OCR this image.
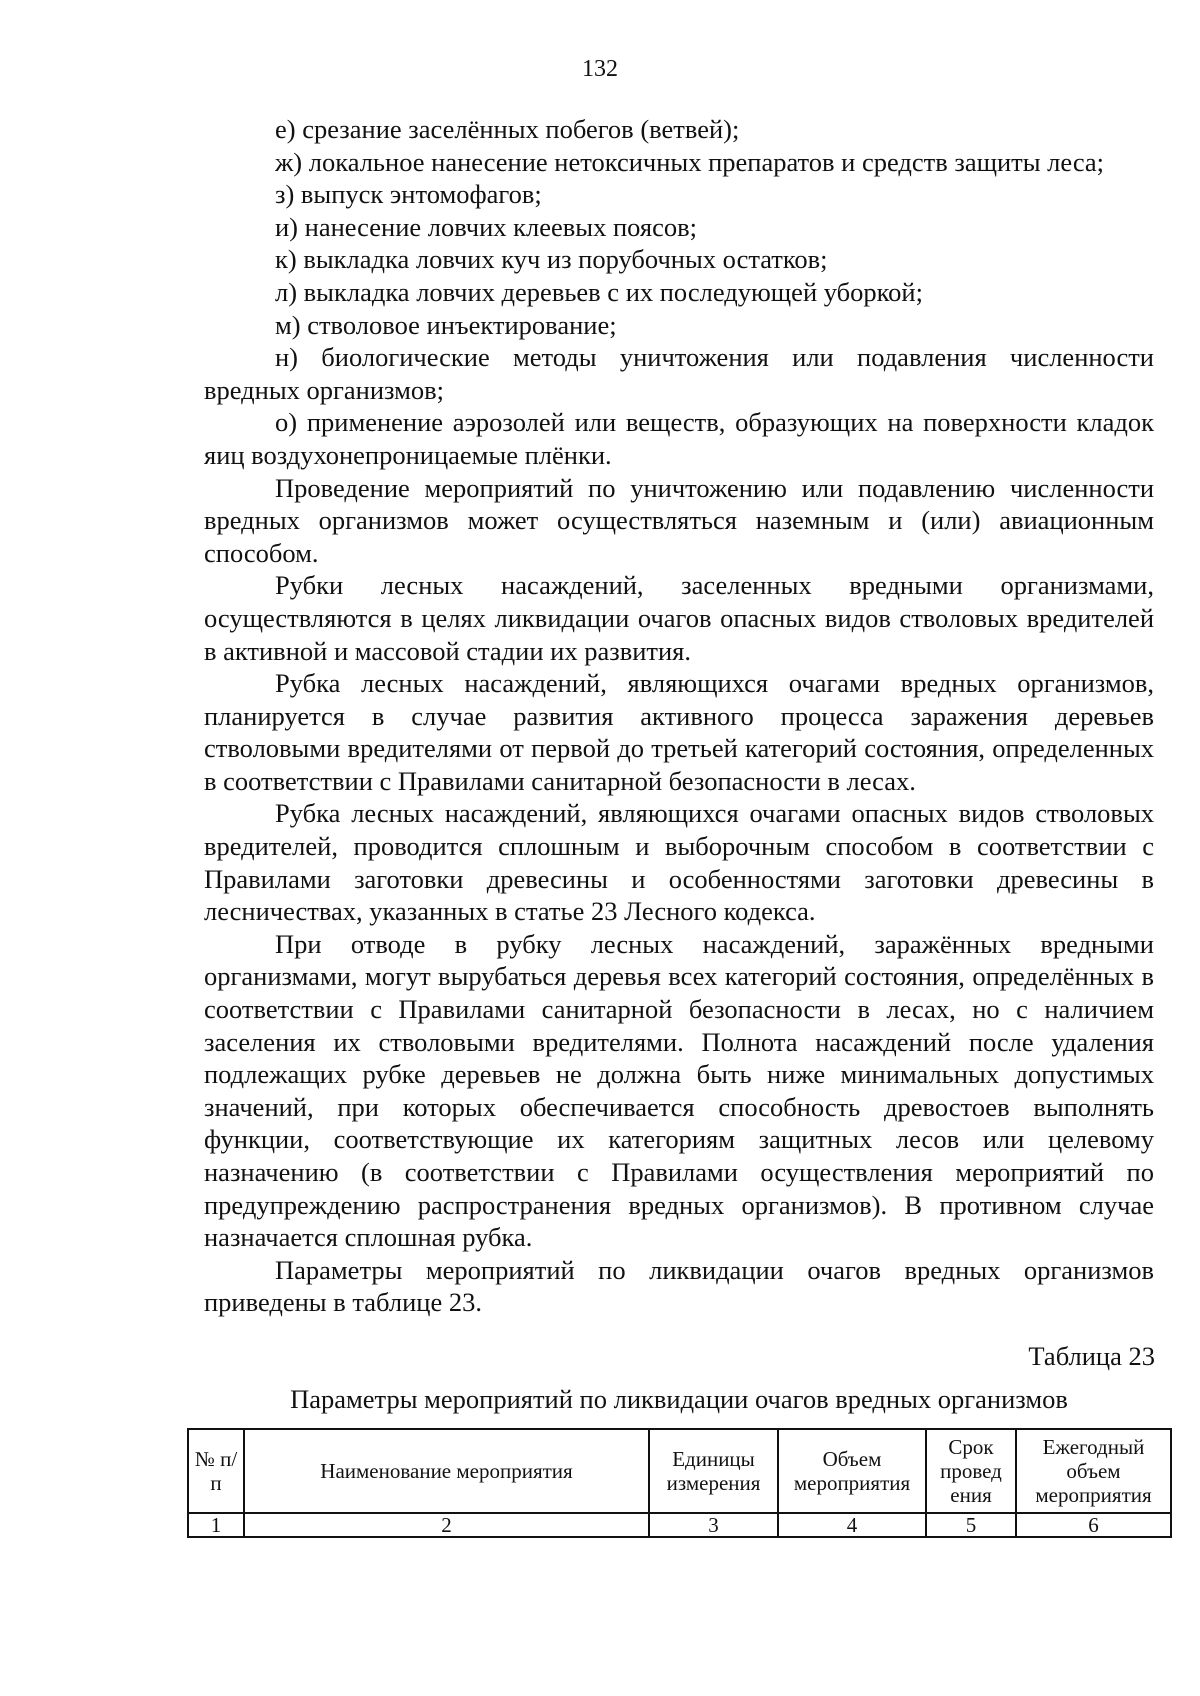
132

е) срезание заселённых побегов (ветвей);

ж) локальное нанесение нетоксичных препаратов и средств защиты леса;

з) выпуск энтомофагов;

и) нанесение ловчих клеевых поясов;

к) выкладка ловчих куч из порубочных остатков;

л) выкладка ловчих деревьев с их последующей уборкой;

м) стволовое инъектирование;

н) биологические методы уничтожения или подавления численности вредных организмов;

о) применение аэрозолей или веществ, образующих на поверхности кладок яиц воздухонепроницаемые плёнки.

Проведение мероприятий по уничтожению или подавлению численности вредных организмов может осуществляться наземным и (или) авиационным способом.

Рубки лесных насаждений, заселенных вредными организмами, осуществляются в целях ликвидации очагов опасных видов стволовых вредителей в активной и массовой стадии их развития.

Рубка лесных насаждений, являющихся очагами вредных организмов, планируется в случае развития активного процесса заражения деревьев стволовыми вредителями от первой до третьей категорий состояния, определенных в соответствии с Правилами санитарной безопасности в лесах.

Рубка лесных насаждений, являющихся очагами опасных видов стволовых вредителей, проводится сплошным и выборочным способом в соответствии с Правилами заготовки древесины и особенностями заготовки древесины в лесничествах, указанных в статье 23 Лесного кодекса.

При отводе в рубку лесных насаждений, заражённых вредными организмами, могут вырубаться деревья всех категорий состояния, определённых в соответствии с Правилами санитарной безопасности в лесах, но с наличием заселения их стволовыми вредителями. Полнота насаждений после удаления подлежащих рубке деревьев не должна быть ниже минимальных допустимых значений, при которых обеспечивается способность древостоев выполнять функции, соответствующие их категориям защитных лесов или целевому назначению (в соответствии с Правилами осуществления мероприятий по предупреждению распространения вредных организмов). В противном случае назначается сплошная рубка.

Параметры мероприятий по ликвидации очагов вредных организмов приведены в таблице 23.

Таблица 23
Параметры мероприятий по ликвидации очагов вредных организмов
№ п/п	Наименование мероприятия	Единицы измерения	Объем мероприятия	Срок провед ения	Ежегодный объем мероприятия
1	2	3	4	5	6
